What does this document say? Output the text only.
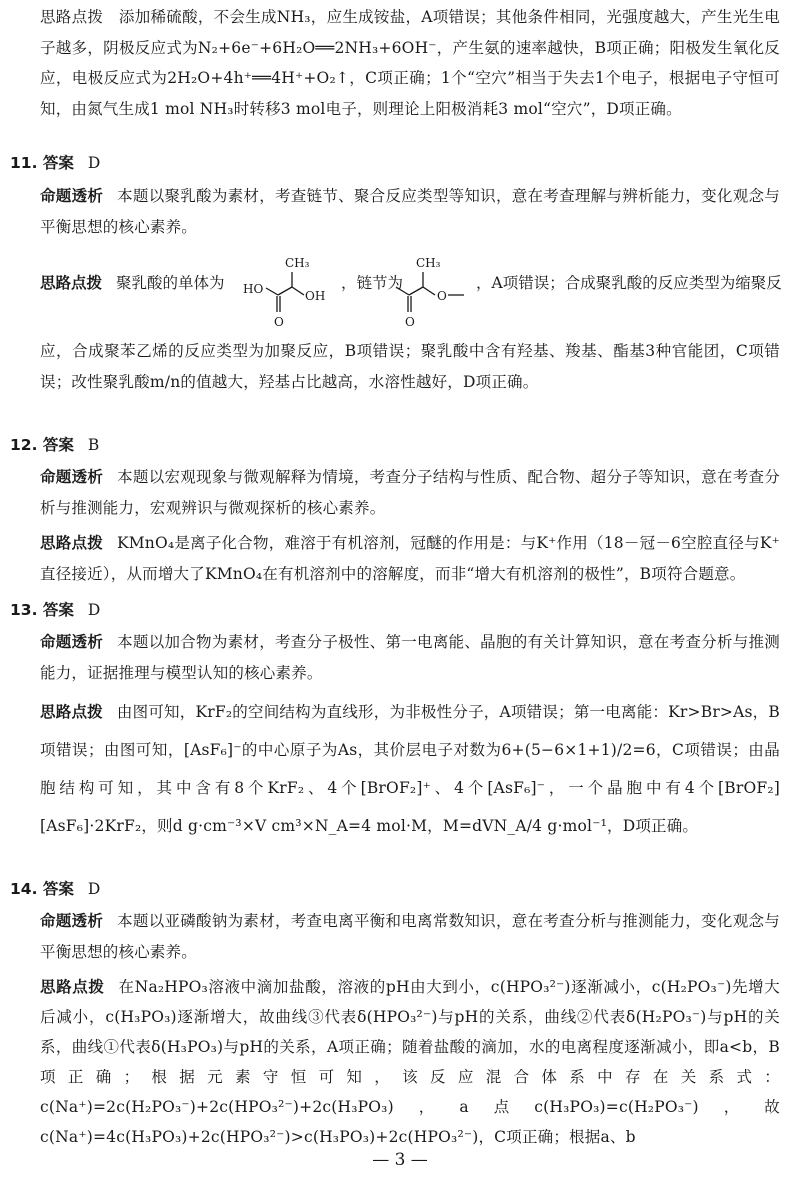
思路点拨　添加稀硫酸，不会生成NH₃，应生成铵盐，A项错误；其他条件相同，光强度越大，产生光生电子越多，阴极反应式为N₂+6e⁻+6H₂O══2NH₃+6OH⁻，产生氨的速率越快，B项正确；阳极发生氧化反应，电极反应式为2H₂O+4h⁺══4H⁺+O₂↑，C项正确；1个“空穴”相当于失去1个电子，根据电子守恒可知，由氮气生成1 mol NH₃时转移3 mol电子，则理论上阳极消耗3 mol“空穴”，D项正确。
11. 答案 D
命题透析 本题以聚乳酸为素材，考查链节、聚合反应类型等知识，意在考查理解与辨析能力，变化观念与平衡思想的核心素养。
思路点拨 聚乳酸的单体为
CH₃
HO	OH
O
，链节为
CH₃
O
O
，A项错误；合成聚乳酸的反应类型为缩聚反
应，合成聚苯乙烯的反应类型为加聚反应，B项错误；聚乳酸中含有羟基、羧基、酯基3种官能团，C项错误；改性聚乳酸m/n的值越大，羟基占比越高，水溶性越好，D项正确。
12. 答案 B
命题透析 本题以宏观现象与微观解释为情境，考查分子结构与性质、配合物、超分子等知识，意在考查分析与推测能力，宏观辨识与微观探析的核心素养。
思路点拨 KMnO₄是离子化合物，难溶于有机溶剂，冠醚的作用是：与K⁺作用（18－冠－6空腔直径与K⁺直径接近），从而增大了KMnO₄在有机溶剂中的溶解度，而非“增大有机溶剂的极性”，B项符合题意。
13. 答案 D
命题透析 本题以加合物为素材，考查分子极性、第一电离能、晶胞的有关计算知识，意在考查分析与推测能力，证据推理与模型认知的核心素养。
思路点拨 由图可知，KrF₂的空间结构为直线形，为非极性分子，A项错误；第一电离能：Kr>Br>As，B项错误；由图可知，[AsF₆]⁻的中心原子为As，其价层电子对数为6+(5−6×1+1)/2=6，C项错误；由晶胞结构可知，其中含有8个KrF₂、4个[BrOF₂]⁺、4个[AsF₆]⁻，一个晶胞中有4个[BrOF₂][AsF₆]·2KrF₂，则d g·cm⁻³×V cm³×N_A=4 mol·M，M=dVN_A/4 g·mol⁻¹，D项正确。
14. 答案 D
命题透析 本题以亚磷酸钠为素材，考查电离平衡和电离常数知识，意在考查分析与推测能力，变化观念与平衡思想的核心素养。
思路点拨 在Na₂HPO₃溶液中滴加盐酸，溶液的pH由大到小，c(HPO₃²⁻)逐渐减小，c(H₂PO₃⁻)先增大后减小，c(H₃PO₃)逐渐增大，故曲线③代表δ(HPO₃²⁻)与pH的关系，曲线②代表δ(H₂PO₃⁻)与pH的关系，曲线①代表δ(H₃PO₃)与pH的关系，A项正确；随着盐酸的滴加，水的电离程度逐渐减小，即a<b，B项正确；根据元素守恒可知，该反应混合体系中存在关系式：c(Na⁺)=2c(H₂PO₃⁻)+2c(HPO₃²⁻)+2c(H₃PO₃)，a点c(H₃PO₃)=c(H₂PO₃⁻)，故c(Na⁺)=4c(H₃PO₃)+2c(HPO₃²⁻)>c(H₃PO₃)+2c(HPO₃²⁻)，C项正确；根据a、b
— 3 —
